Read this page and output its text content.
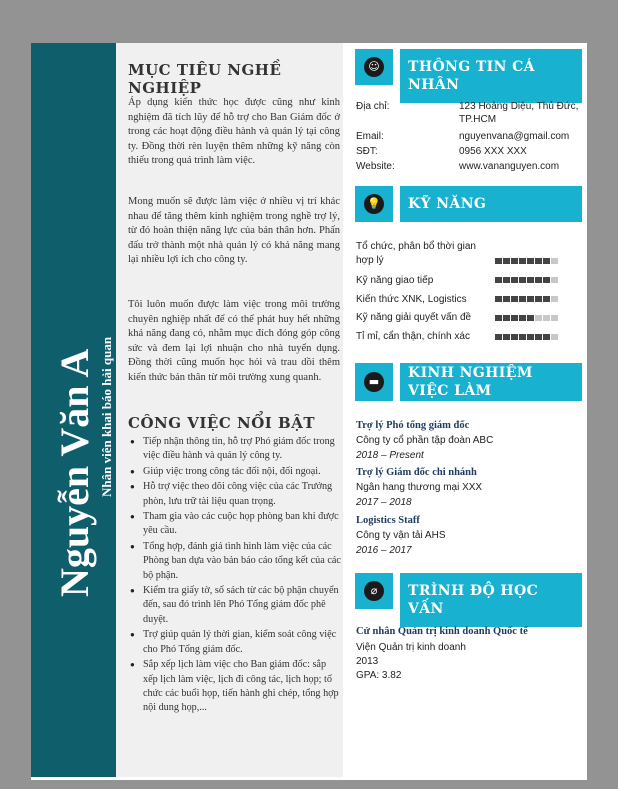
Nguyễn Văn A Nhân viên khai báo hải quan
MỤC TIÊU NGHỀ NGHIỆP
Áp dụng kiến thức học được cũng như kinh nghiệm đã tích lũy để hỗ trợ cho Ban Giám đốc ở trong các hoạt động điều hành và quản lý tại công ty. Đồng thời rèn luyện thêm những kỹ năng còn thiếu trong quá trình làm việc.
Mong muốn sẽ được làm việc ở nhiều vị trí khác nhau để tăng thêm kinh nghiệm trong nghề trợ lý, từ đó hoàn thiện năng lực của bản thân hơn. Phấn đấu trở thành một nhà quản lý có khả năng mang lại nhiều lợi ích cho công ty.
Tôi luôn muốn được làm việc trong môi trường chuyên nghiệp nhất để có thể phát huy hết những khả năng đang có, nhằm mục đích đóng góp công sức và đem lại lợi nhuận cho nhà tuyển dụng. Đồng thời cũng muốn học hỏi và trau dồi thêm kiến thức bản thân từ môi trường xung quanh.
CÔNG VIỆC NỔI BẬT
● Tiếp nhận thông tin, hỗ trợ Phó giám đốc trong việc điều hành và quản lý công ty.
● Giúp việc trong công tác đối nội, đối ngoại.
● Hỗ trợ việc theo dõi công việc của các Trưởng phòn, lưu trữ tài liệu quan trọng.
● Tham gia vào các cuộc họp phòng ban khi được yêu cầu.
● Tổng hợp, đánh giá tình hình làm việc của các Phòng ban dựa vào bản báo cáo tổng kết của các bộ phận.
● Kiểm tra giấy tờ, số sách từ các bộ phận chuyển đến, sau đó trình lên Phó Tổng giám đốc phê duyệt.
● Trợ giúp quản lý thời gian, kiểm soát công việc cho Phó Tổng giám đốc.
● Sắp xếp lịch làm việc cho Ban giám đốc: sắp xếp lịch làm việc, lịch đi công tác, lịch họp; tổ chức các buổi họp, tiến hành ghi chép, tổng hợp nội dung họp,...
☺	THÔNG TIN CÁ NHÂN
Địa chỉ:	123 Hoàng Diệu, Thủ Đức, TP.HCM
Email:	nguyenvana@gmail.com
SĐT:	0956 XXX XXX
Website:	www.vananguyen.com
💡	KỸ NĂNG
Tổ chức, phân bổ thời gian hợp lý
Kỹ năng giao tiếp
Kiến thức XNK, Logistics
Kỹ năng giải quyết vấn đề
Tỉ mỉ, cẩn thận, chính xác
▬
KINH NGHIỆM VIỆC LÀM
Trợ lý Phó tổng giám đốc
Công ty cổ phần tập đoàn ABC
2018 – Present
Trợ lý Giám đốc chi nhánh
Ngân hang thương mại XXX
2017 – 2018
Logistics Staff
Công ty vận tải AHS
2016 – 2017
⌀	TRÌNH ĐỘ HỌC VẤN
Cử nhân Quản trị kinh doanh Quốc tế
Viện Quản trị kinh doanh
2013
GPA: 3.82
